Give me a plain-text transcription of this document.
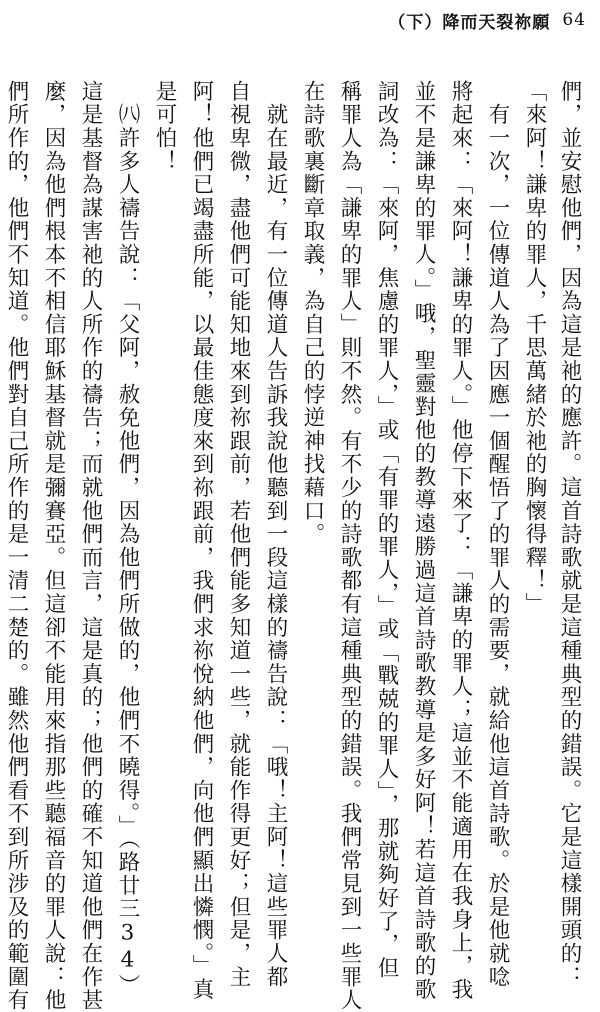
（下）降而天裂祢願 64
們，並安慰他們，因為這是祂的應許。這首詩歌就是這種典型的錯誤。它是這樣開頭的：
「來阿！謙卑的罪人，千思萬緒於祂的胸懷得釋！」
　有一次，一位傳道人為了因應一個醒悟了的罪人的需要，就給他這首詩歌。於是他就唸
將起來：「來阿！謙卑的罪人。」他停下來了：「謙卑的罪人；這並不能適用在我身上，我
並不是謙卑的罪人。」哦，聖靈對他的教導遠勝過這首詩歌教導是多好阿！若這首詩歌的歌
詞改為：「來阿，焦慮的罪人，」或「有罪的罪人，」或「戰兢的罪人」，那就夠好了，但
稱罪人為「謙卑的罪人」則不然。有不少的詩歌都有這種典型的錯誤。我們常見到一些罪人
在詩歌裏斷章取義，為自己的悖逆神找藉口。
　就在最近，有一位傳道人告訴我說他聽到一段這樣的禱告說：「哦！主阿！這些罪人都
自視卑微，盡他們可能知地來到祢跟前，若他們能多知道一些，就能作得更好；但是，主
阿！他們已竭盡所能，以最佳態度來到祢跟前，我們求祢悅納他們，向他們顯出憐憫。」真
是可怕！
　㈧許多人禱告說：「父阿，赦免他們，因為他們所做的，他們不曉得。」（路廿三34）
這是基督為謀害祂的人所作的禱告；而就他們而言，這是真的；他們的確不知道他們在作甚
麼，因為他們根本不相信耶穌基督就是彌賽亞。但這卻不能用來指那些聽福音的罪人說：他
們所作的，他們不知道。他們對自己所作的是一清二楚的。雖然他們看不到所涉及的範圍有
